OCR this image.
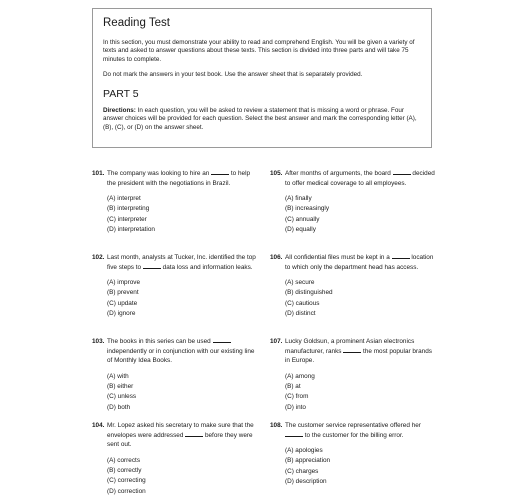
Reading Test

In this section, you must demonstrate your ability to read and comprehend English. You will be given a variety of texts and asked to answer questions about these texts. This section is divided into three parts and will take 75 minutes to complete.

Do not mark the answers in your test book. Use the answer sheet that is separately provided.

PART 5

Directions: In each question, you will be asked to review a statement that is missing a word or phrase. Four answer choices will be provided for each question. Select the best answer and mark the corresponding letter (A), (B), (C), or (D) on the answer sheet.

101. The company was looking to hire an	to help the president with the negotiations in Brazil.
(A) interpret
(B) interpreting
(C) interpreter
(D) interpretation
102. Last month, analysts at Tucker, Inc. identified the top five steps to	data loss and information leaks.
(A) improve
(B) prevent
(C) update
(D) ignore
103. The books in this series can be used  independently or in conjunction with our existing line of Monthly Idea Books.
(A) with
(B) either
(C) unless
(D) both
104. Mr. Lopez asked his secretary to make sure that the envelopes were addressed	before they were sent out.
(A) corrects
(B) correctly
(C) correcting
(D) correction
105. After months of arguments, the board	decided to offer medical coverage to all employees.
(A) finally
(B) increasingly
(C) annually
(D) equally
106. All confidential files must be kept in a	location to which only the department head has access.
(A) secure
(B) distinguished
(C) cautious
(D) distinct
107. Lucky Goldsun, a prominent Asian electronics manufacturer, ranks	the most popular brands in Europe.
(A) among
(B) at
(C) from
(D) into
108. The customer service representative offered her  to the customer for the billing error.
(A) apologies
(B) appreciation
(C) charges
(D) description
